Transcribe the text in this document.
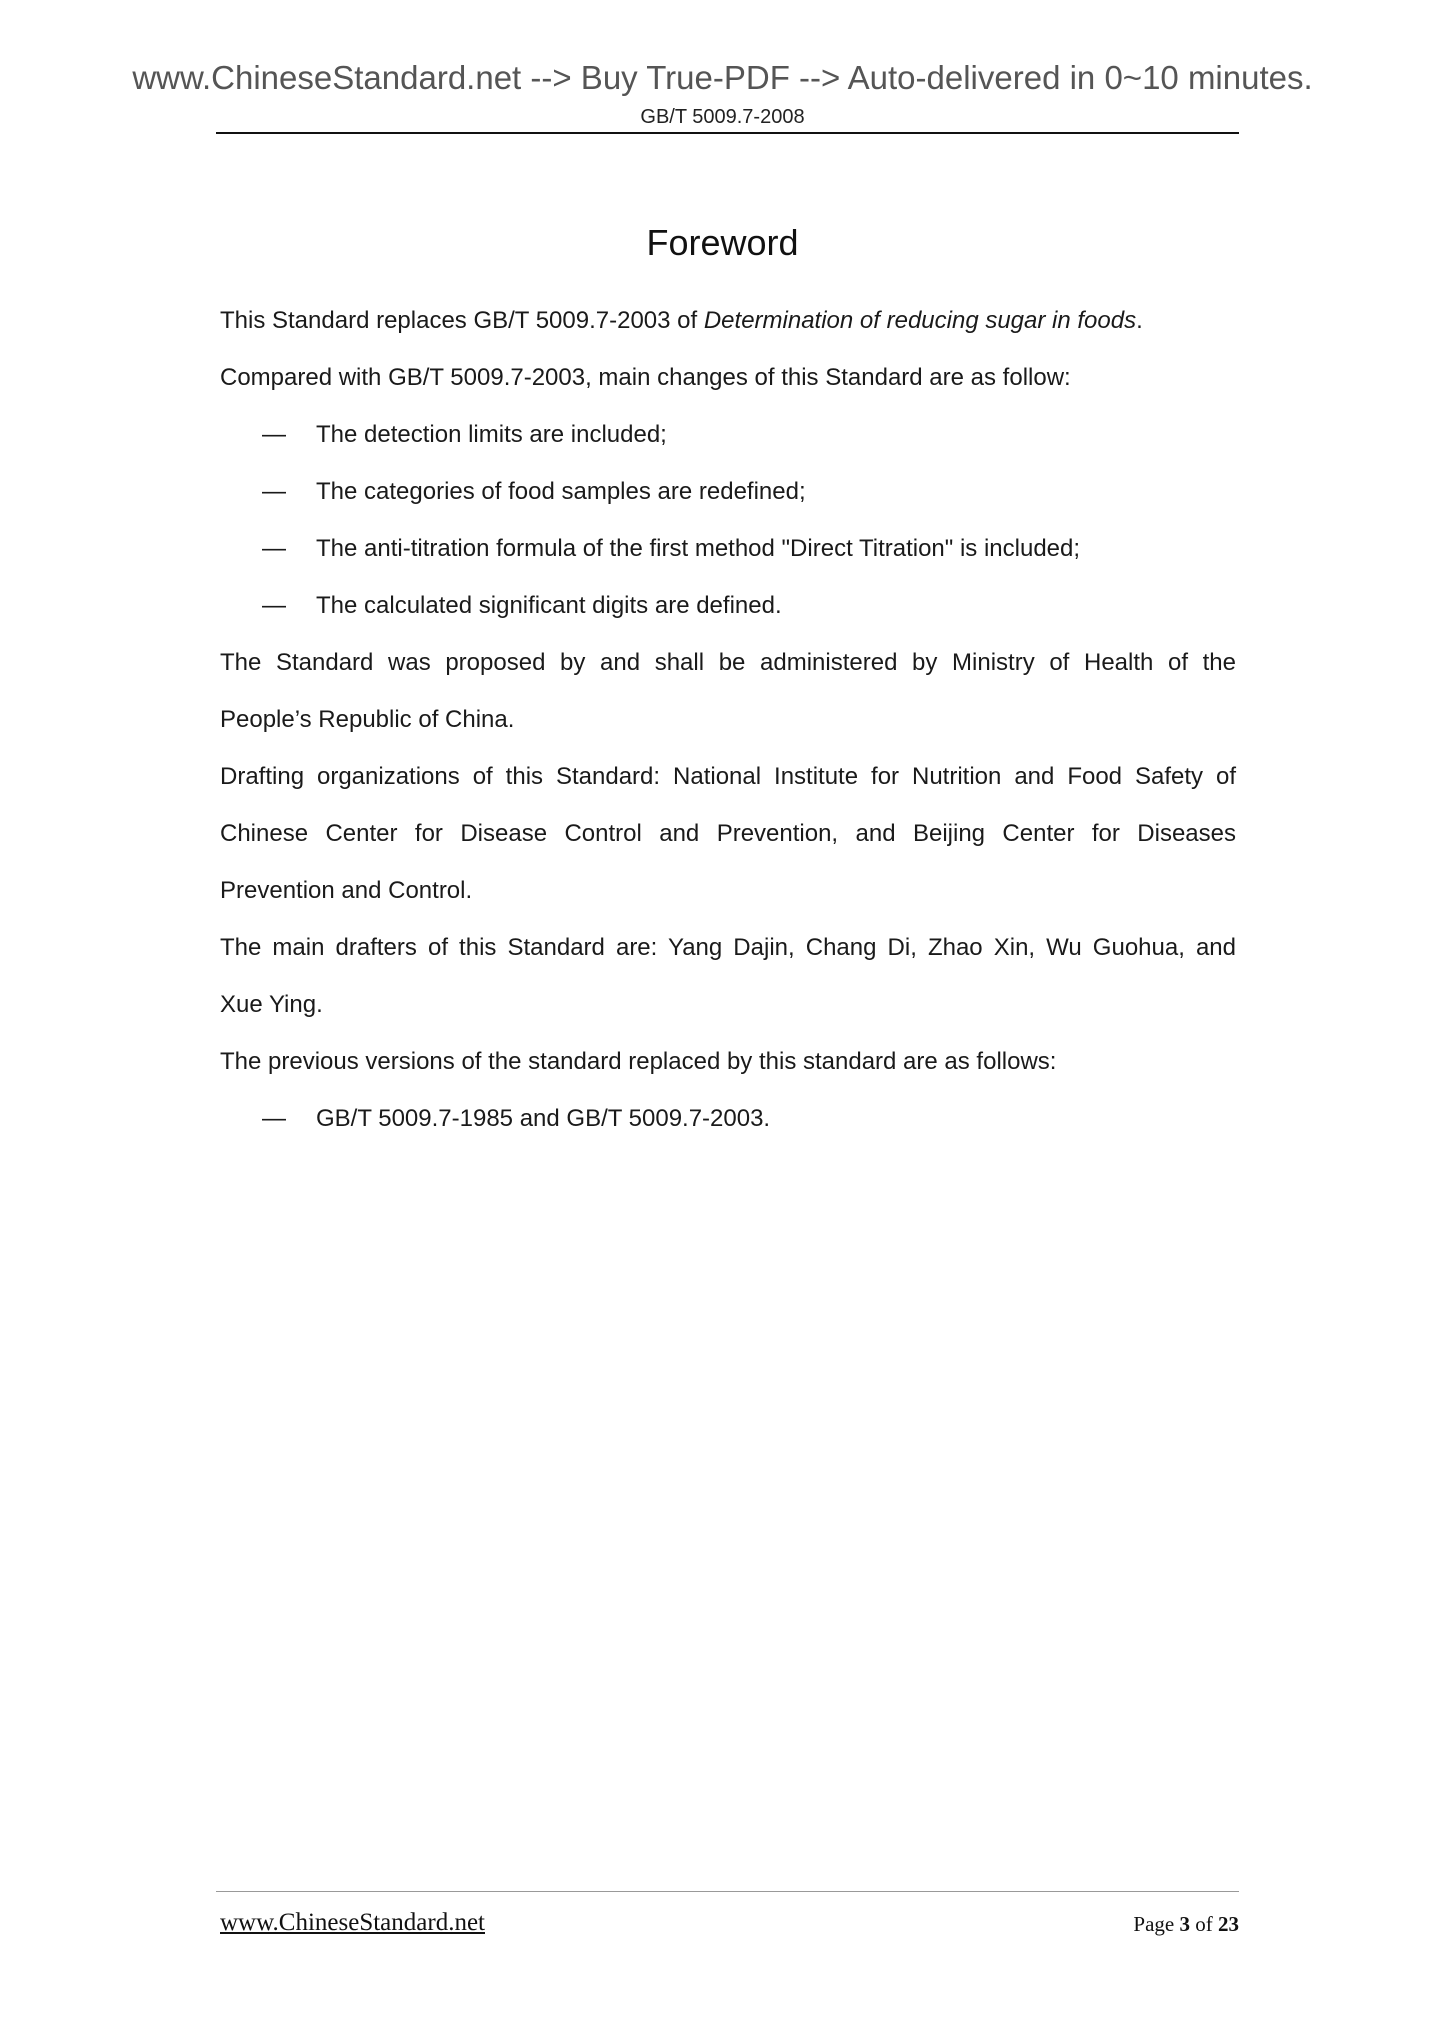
www.ChineseStandard.net --> Buy True-PDF --> Auto-delivered in 0~10 minutes.
GB/T 5009.7-2008
Foreword

This Standard replaces GB/T 5009.7-2003 of Determination of reducing sugar in foods.

Compared with GB/T 5009.7-2003, main changes of this Standard are as follow:

—	The detection limits are included;
—	The categories of food samples are redefined;
—	The anti-titration formula of the first method "Direct Titration" is included;
—	The calculated significant digits are defined.

The Standard was proposed by and shall be administered by Ministry of Health of the

People’s Republic of China.

Drafting organizations of this Standard: National Institute for Nutrition and Food Safety of

Chinese Center for Disease Control and Prevention, and Beijing Center for Diseases

Prevention and Control.

The main drafters of this Standard are: Yang Dajin, Chang Di, Zhao Xin, Wu Guohua, and

Xue Ying.

The previous versions of the standard replaced by this standard are as follows:

—	GB/T 5009.7-1985 and GB/T 5009.7-2003.
www.ChineseStandard.net	Page 3 of 23
